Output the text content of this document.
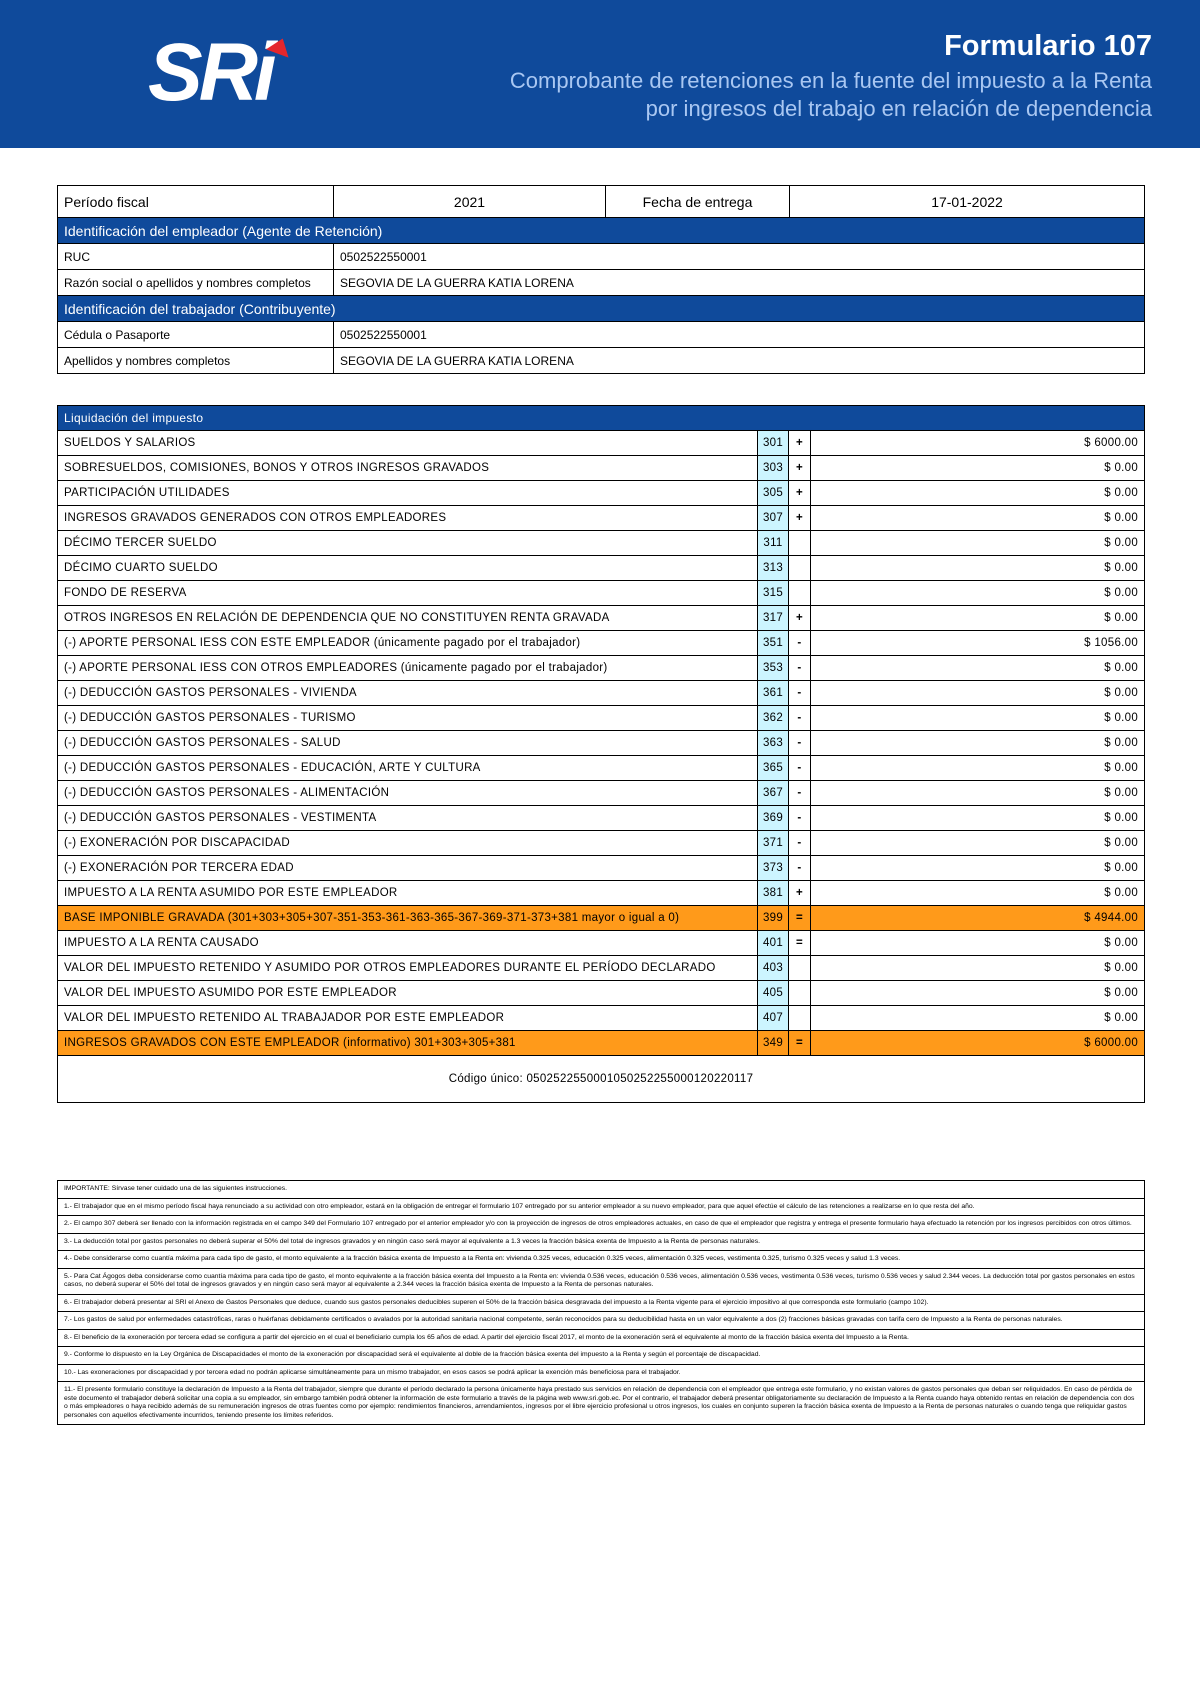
SRi	Formulario 107
Comprobante de retenciones en la fuente del impuesto a la Renta
por ingresos del trabajo en relación de dependencia
Período fiscal	2021	Fecha de entrega	17-01-2022
Identificación del empleador (Agente de Retención)			
RUC	0502522550001		
Razón social o apellidos y nombres completos	SEGOVIA DE LA GUERRA KATIA LORENA		
Identificación del trabajador (Contribuyente)			
Cédula o Pasaporte	0502522550001		
Apellidos y nombres completos	SEGOVIA DE LA GUERRA KATIA LORENA		
Liquidación del impuesto			
SUELDOS Y SALARIOS	301	+	$ 6000.00
SOBRESUELDOS, COMISIONES, BONOS Y OTROS INGRESOS GRAVADOS	303	+	$ 0.00
PARTICIPACIÓN UTILIDADES	305	+	$ 0.00
INGRESOS GRAVADOS GENERADOS CON OTROS EMPLEADORES	307	+	$ 0.00
DÉCIMO TERCER SUELDO	311		$ 0.00
DÉCIMO CUARTO SUELDO	313		$ 0.00
FONDO DE RESERVA	315		$ 0.00
OTROS INGRESOS EN RELACIÓN DE DEPENDENCIA QUE NO CONSTITUYEN RENTA GRAVADA	317	+	$ 0.00
(-) APORTE PERSONAL IESS CON ESTE EMPLEADOR (únicamente pagado por el trabajador)	351	-	$ 1056.00
(-) APORTE PERSONAL IESS CON OTROS EMPLEADORES (únicamente pagado por el trabajador)	353	-	$ 0.00
(-) DEDUCCIÓN GASTOS PERSONALES - VIVIENDA	361	-	$ 0.00
(-) DEDUCCIÓN GASTOS PERSONALES - TURISMO	362	-	$ 0.00
(-) DEDUCCIÓN GASTOS PERSONALES - SALUD	363	-	$ 0.00
(-) DEDUCCIÓN GASTOS PERSONALES - EDUCACIÓN, ARTE Y CULTURA	365	-	$ 0.00
(-) DEDUCCIÓN GASTOS PERSONALES - ALIMENTACIÓN	367	-	$ 0.00
(-) DEDUCCIÓN GASTOS PERSONALES - VESTIMENTA	369	-	$ 0.00
(-) EXONERACIÓN POR DISCAPACIDAD	371	-	$ 0.00
(-) EXONERACIÓN POR TERCERA EDAD	373	-	$ 0.00
IMPUESTO A LA RENTA ASUMIDO POR ESTE EMPLEADOR	381	+	$ 0.00
BASE IMPONIBLE GRAVADA (301+303+305+307-351-353-361-363-365-367-369-371-373+381 mayor o igual a 0)	399	=	$ 4944.00
IMPUESTO A LA RENTA CAUSADO	401	=	$ 0.00
VALOR DEL IMPUESTO RETENIDO Y ASUMIDO POR OTROS EMPLEADORES DURANTE EL PERÍODO DECLARADO	403		$ 0.00
VALOR DEL IMPUESTO ASUMIDO POR ESTE EMPLEADOR	405		$ 0.00
VALOR DEL IMPUESTO RETENIDO AL TRABAJADOR POR ESTE EMPLEADOR	407		$ 0.00
INGRESOS GRAVADOS CON ESTE EMPLEADOR (informativo) 301+303+305+381	349	=	$ 6000.00
Código único: 05025225500010502522550001202201​17			
IMPORTANTE: Sírvase tener cuidado una de las siguientes instrucciones.
1.- El trabajador que en el mismo período fiscal haya renunciado a su actividad con otro empleador, estará en la obligación de entregar el formulario 107 entregado por su anterior empleador a su nuevo empleador, para que aquel efectúe el cálculo de las retenciones a realizarse en lo que resta del año.
2.- El campo 307 deberá ser llenado con la información registrada en el campo 349 del Formulario 107 entregado por el anterior empleador y/o con la proyección de ingresos de otros empleadores actuales, en caso de que el empleador que registra y entrega el presente formulario haya efectuado la retención por los ingresos percibidos con otros últimos.
3.- La deducción total por gastos personales no deberá superar el 50% del total de ingresos gravados y en ningún caso será mayor al equivalente a 1.3 veces la fracción básica exenta de Impuesto a la Renta de personas naturales.
4.- Debe considerarse como cuantía máxima para cada tipo de gasto, el monto equivalente a la fracción básica exenta de Impuesto a la Renta en: vivienda 0.325 veces, educación 0.325 veces, alimentación 0.325 veces, vestimenta 0.325, turismo 0.325 veces y salud 1.3 veces.
5.- Para Cat Ágogos deba considerarse como cuantía máxima para cada tipo de gasto, el monto equivalente a la fracción básica exenta del Impuesto a la Renta en: vivienda 0.536 veces, educación 0.536 veces, alimentación 0.536 veces, vestimenta 0.536 veces, turismo 0.536 veces y salud 2.344 veces. La deducción total por gastos personales en estos casos, no deberá superar el 50% del total de ingresos gravados y en ningún caso será mayor al equivalente a 2.344 veces la fracción básica exenta de Impuesto a la Renta de personas naturales.
6.- El trabajador deberá presentar al SRI el Anexo de Gastos Personales que deduce, cuando sus gastos personales deducibles superen el 50% de la fracción básica desgravada del impuesto a la Renta vigente para el ejercicio impositivo al que corresponda este formulario (campo 102).
7.- Los gastos de salud por enfermedades catastróficas, raras o huérfanas debidamente certificados o avalados por la autoridad sanitaria nacional competente, serán reconocidos para su deducibilidad hasta en un valor equivalente a dos (2) fracciones básicas gravadas con tarifa cero de Impuesto a la Renta de personas naturales.
8.- El beneficio de la exoneración por tercera edad se configura a partir del ejercicio en el cual el beneficiario cumpla los 65 años de edad. A partir del ejercicio fiscal 2017, el monto de la exoneración será el equivalente al monto de la fracción básica exenta del Impuesto a la Renta.
9.- Conforme lo dispuesto en la Ley Orgánica de Discapacidades el monto de la exoneración por discapacidad será el equivalente al doble de la fracción básica exenta del impuesto a la Renta y según el porcentaje de discapacidad.
10.- Las exoneraciones por discapacidad y por tercera edad no podrán aplicarse simultáneamente para un mismo trabajador, en esos casos se podrá aplicar la exención más beneficiosa para el trabajador.
11.- El presente formulario constituye la declaración de Impuesto a la Renta del trabajador, siempre que durante el período declarado la persona únicamente haya prestado sus servicios en relación de dependencia con el empleador que entrega este formulario, y no existan valores de gastos personales que deban ser reliquidados. En caso de pérdida de este documento el trabajador deberá solicitar una copia a su empleador, sin embargo también podrá obtener la información de este formulario a través de la página web www.sri.gob.ec. Por el contrario, el trabajador deberá presentar obligatoriamente su declaración de Impuesto a la Renta cuando haya obtenido rentas en relación de dependencia con dos o más empleadores o haya recibido además de su remuneración ingresos de otras fuentes como por ejemplo: rendimientos financieros, arrendamientos, ingresos por el libre ejercicio profesional u otros ingresos, los cuales en conjunto superen la fracción básica exenta de Impuesto a la Renta de personas naturales o cuando tenga que reliquidar gastos personales con aquellos efectivamente incurridos, teniendo presente los límites referidos.
